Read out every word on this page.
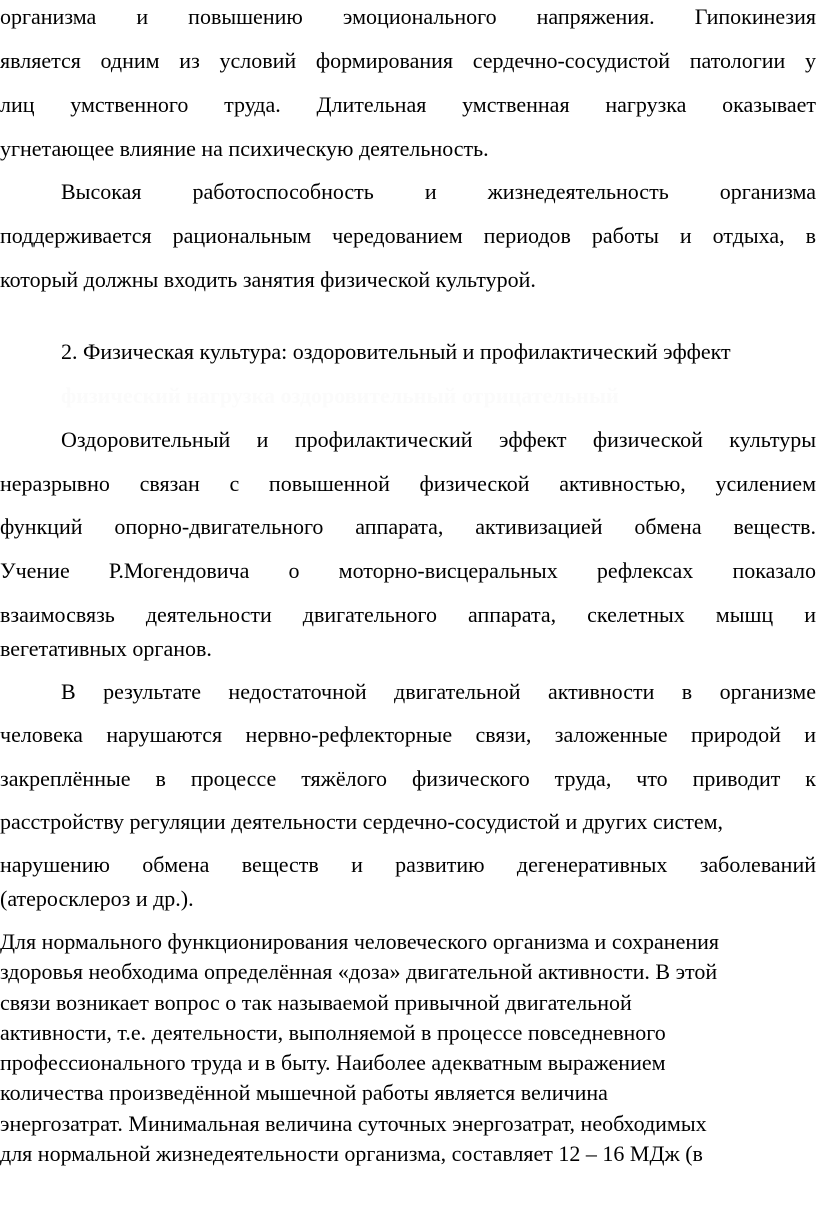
организма и повышению эмоционального напряжения. Гипокинезия
является одним из условий формирования сердечно-сосудистой патологии у
лиц умственного труда. Длительная умственная нагрузка оказывает
угнетающее влияние на психическую деятельность.
Высокая работоспособность и жизнедеятельность организма
поддерживается рациональным чередованием периодов работы и отдыха, в
который должны входить занятия физической культурой.
2. Физическая культура: оздоровительный и профилактический эффект
физический нагрузка оздоровительный отрицательный
Оздоровительный и профилактический эффект физической культуры
неразрывно связан с повышенной физической активностью, усилением
функций опорно-двигательного аппарата, активизацией обмена веществ.
Учение Р.Могендовича о моторно-висцеральных рефлексах показало
взаимосвязь деятельности двигательного аппарата, скелетных мышц и
вегетативных органов.
В результате недостаточной двигательной активности в организме
человека нарушаются нервно-рефлекторные связи, заложенные природой и
закреплённые в процессе тяжёлого физического труда, что приводит к
расстройству регуляции деятельности сердечно-сосудистой и других систем,
нарушению обмена веществ и развитию дегенеративных заболеваний
(атеросклероз и др.).
Для нормального функционирования человеческого организма и сохранения
здоровья необходима определённая «доза» двигательной активности. В этой
связи возникает вопрос о так называемой привычной двигательной
активности, т.е. деятельности, выполняемой в процессе повседневного
профессионального труда и в быту. Наиболее адекватным выражением
количества произведённой мышечной работы является величина
энергозатрат. Минимальная величина суточных энергозатрат, необходимых
для нормальной жизнедеятельности организма, составляет 12 – 16 МДж (в
